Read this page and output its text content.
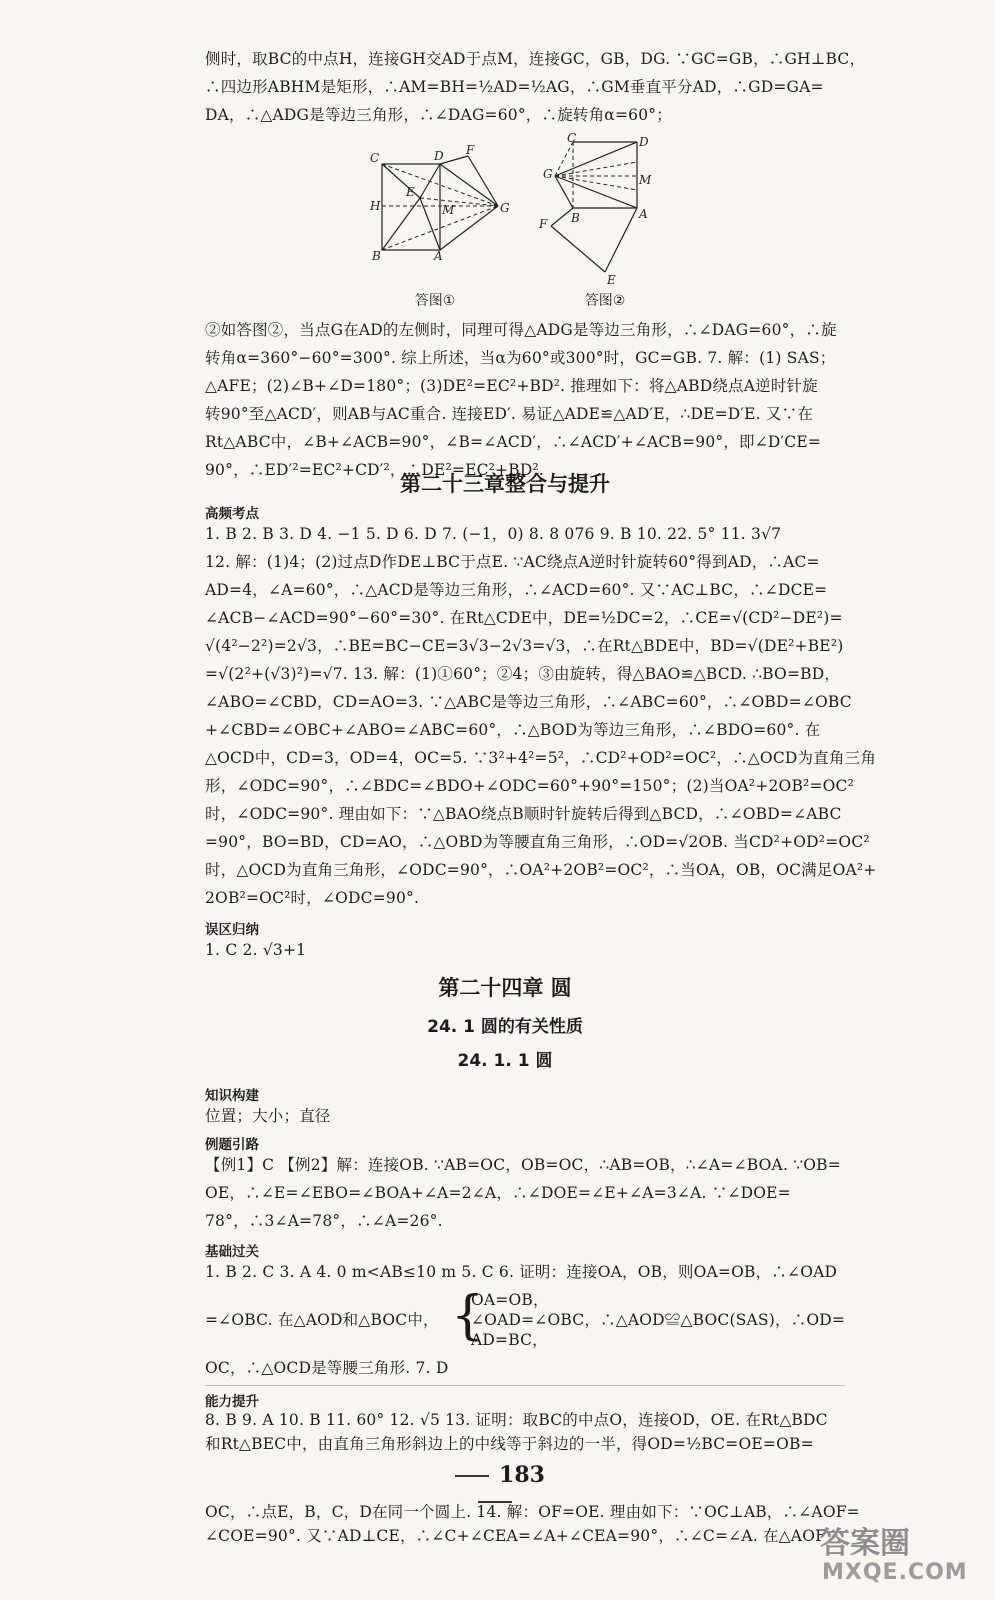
侧时，取BC的中点H，连接GH交AD于点M，连接GC，GB，DG. ∵GC=GB，∴GH⊥BC，
∴四边形ABHM是矩形，∴AM=BH=½AD=½AG，∴GM垂直平分AD，∴GD=GA=
DA，∴△ADG是等边三角形，∴∠DAG=60°，∴旋转角α=60°；
C	D F
E
H	M	G
B	A
C	D
G	M
F B	A
E
答图①	答图②
②如答图②，当点G在AD的左侧时，同理可得△ADG是等边三角形，∴∠DAG=60°，∴旋
转角α=360°−60°=300°. 综上所述，当α为60°或300°时，GC=GB. 7. 解：(1) SAS；
△AFE；(2)∠B+∠D=180°；(3)DE²=EC²+BD². 推理如下：将△ABD绕点A逆时针旋
转90°至△ACD′，则AB与AC重合. 连接ED′. 易证△ADE≌△AD′E，∴DE=D′E. 又∵在
Rt△ABC中，∠B+∠ACB=90°，∠B=∠ACD′，∴∠ACD′+∠ACB=90°，即∠D′CE=
90°，∴ED′²=EC²+CD′²，∴DE²=EC²+BD².
第二十三章整合与提升
高频考点
1. B 2. B 3. D 4. −1 5. D 6. D 7. (−1，0) 8. 8 076 9. B 10. 22. 5° 11. 3√7
12. 解：(1)4；(2)过点D作DE⊥BC于点E. ∵AC绕点A逆时针旋转60°得到AD，∴AC=
AD=4，∠A=60°，∴△ACD是等边三角形，∴∠ACD=60°. 又∵AC⊥BC，∴∠DCE=
∠ACB−∠ACD=90°−60°=30°. 在Rt△CDE中，DE=½DC=2，∴CE=√(CD²−DE²)=
√(4²−2²)=2√3，∴BE=BC−CE=3√3−2√3=√3，∴在Rt△BDE中，BD=√(DE²+BE²)
=√(2²+(√3)²)=√7. 13. 解：(1)①60°；②4；③由旋转，得△BAO≌△BCD. ∴BO=BD，
∠ABO=∠CBD，CD=AO=3. ∵△ABC是等边三角形，∴∠ABC=60°，∴∠OBD=∠OBC
+∠CBD=∠OBC+∠ABO=∠ABC=60°，∴△BOD为等边三角形，∴∠BDO=60°. 在
△OCD中，CD=3，OD=4，OC=5. ∵3²+4²=5²，∴CD²+OD²=OC²，∴△OCD为直角三角
形，∠ODC=90°，∴∠BDC=∠BDO+∠ODC=60°+90°=150°；(2)当OA²+2OB²=OC²
时，∠ODC=90°. 理由如下：∵△BAO绕点B顺时针旋转后得到△BCD，∴∠OBD=∠ABC
=90°，BO=BD，CD=AO，∴△OBD为等腰直角三角形，∴OD=√2OB. 当CD²+OD²=OC²
时，△OCD为直角三角形，∠ODC=90°，∴OA²+2OB²=OC²，∴当OA，OB，OC满足OA²+
2OB²=OC²时，∠ODC=90°.
误区归纳
1. C 2. √3+1
第二十四章 圆
24. 1 圆的有关性质
24. 1. 1 圆
知识构建
位置；大小；直径
例题引路
【例1】C 【例2】解：连接OB. ∵AB=OC，OB=OC，∴AB=OB，∴∠A=∠BOA. ∵OB=
OE，∴∠E=∠EBO=∠BOA+∠A=2∠A，∴∠DOE=∠E+∠A=3∠A. ∵∠DOE=
78°，∴3∠A=78°，∴∠A=26°.
基础过关
1. B 2. C 3. A 4. 0 m<AB≤10 m 5. C 6. 证明：连接OA，OB，则OA=OB，∴∠OAD
=∠OBC. 在△AOD和△BOC中， {
OA=OB，
∠OAD=∠OBC，∴△AOD≌△BOC(SAS)，∴OD=
AD=BC，
OC，∴△OCD是等腰三角形. 7. D
能力提升
8. B 9. A 10. B 11. 60° 12. √5 13. 证明：取BC的中点O，连接OD，OE. 在Rt△BDC
和Rt△BEC中，由直角三角形斜边上的中线等于斜边的一半，得OD=½BC=OE=OB=
183
OC，∴点E，B，C，D在同一个圆上. 14. 解：OF=OE. 理由如下：∵OC⊥AB，∴∠AOF=
∠COE=90°. 又∵AD⊥CE，∴∠C+∠CEA=∠A+∠CEA=90°，∴∠C=∠A. 在△AOF
答案圈
MXQE.COM
